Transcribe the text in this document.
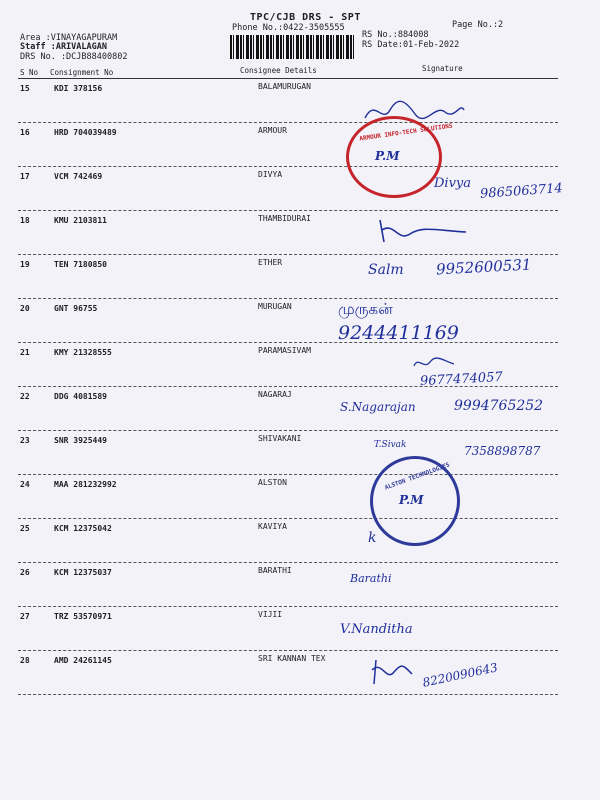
TPC/CJB DRS - SPT
Phone No.:0422-3505555	Page No.:2
Area :VINAYAGAPURAM
Staff :ARIVALAGAN
DRS No. :DCJB88400802
RS No.:884008
RS Date:01-Feb-2022
S No Consignment No	Consignee Details	Signature
15	KDI 378156	BALAMURUGAN
16	HRD 704039489	ARMOUR
17	VCM 742469	DIVYA
18	KMU 2103811	THAMBIDURAI
19	TEN 7180850	ETHER
20	GNT 96755	MURUGAN
21	KMY 21328555	PARAMASIVAM
22	DDG 4081589	NAGARAJ
23	SNR 3925449	SHIVAKANI
24	MAA 281232992	ALSTON
25	KCM 12375042	KAVIYA
26	KCM 12375037	BARATHI
27	TRZ 53570971	VIJII
28	AMD 24261145	SRI KANNAN TEX
ARMOUR INFO-TECH SOLUTIONS
P.M
ALSTON TECHNOLOGIES
P.M
Divya 9865063714
Salm 9952600531
முருகன்
9244411169
9677474057
S.Nagarajan	9994765252
T.Sivak	7358898787
k
Barathi
V.Nanditha
8220090643
